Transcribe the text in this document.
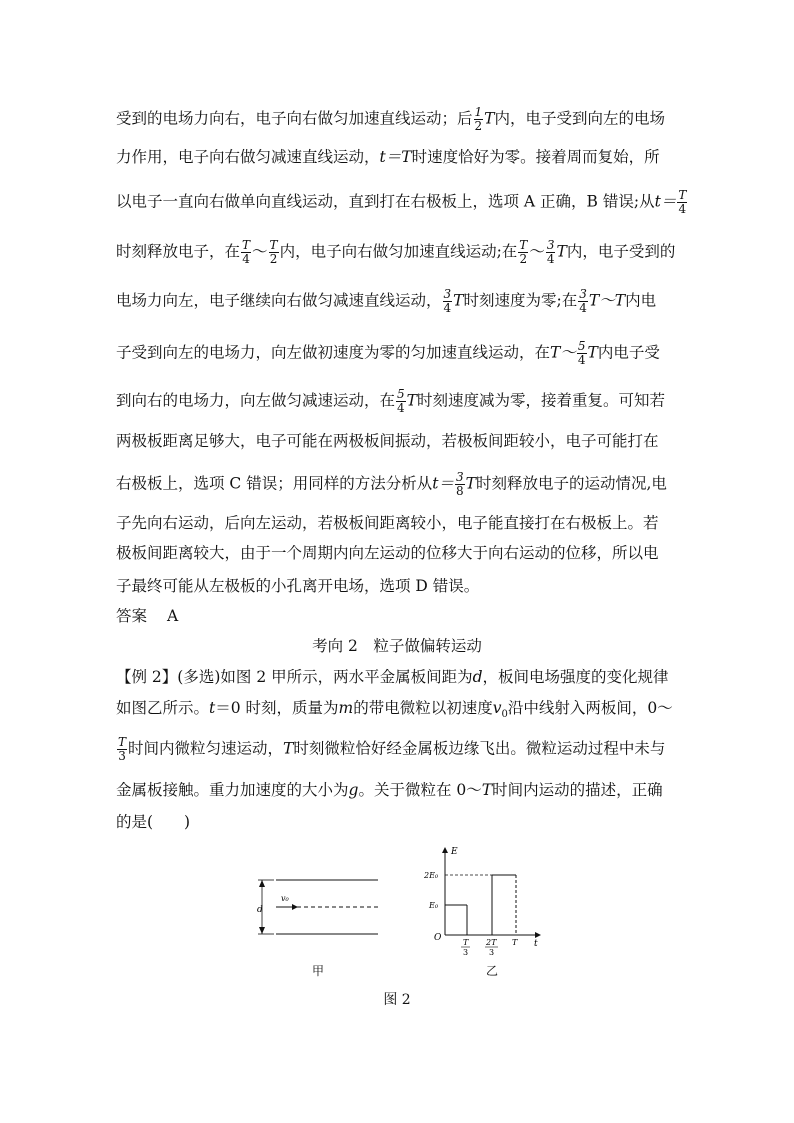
受到的电场力向右，电子向右做匀加速直线运动；后 $\frac{1}{2}$ T内，电子受到向左的电场
力作用，电子向右做匀减速直线运动，t＝T时速度恰好为零。接着周而复始，所
以电子一直向右做单向直线运动，直到打在右极板上，选项 A 正确，B 错误;从$t= \frac{T}{4}$
时刻释放电子，在 $\frac{T}{4}$ ～ $\frac{T}{2}$ 内，电子向右做匀加速直线运动;在 $\frac{T}{2}$ ～ $\frac{3}{4}$ T内，电子受到的
电场力向左，电子继续向右做匀减速直线运动， $\frac{3}{4}$ T时刻速度为零;在 $\frac{3}{4}$ T～T内电
子受到向左的电场力，向左做初速度为零的匀加速直线运动，在T～ $\frac{5}{4}$ T内电子受
到向右的电场力，向左做匀减速运动，在 $\frac{5}{4}$ T时刻速度减为零，接着重复。可知若
两极板距离足够大，电子可能在两极板间振动，若极板间距较小，电子可能打在
右极板上，选项 C 错误；用同样的方法分析从$t= \frac{3}{8}$ T时刻释放电子的运动情况,电
子先向右运动，后向左运动，若极板间距离较小，电子能直接打在右极板上。若
极板间距离较大，由于一个周期内向左运动的位移大于向右运动的位移，所以电
子最终可能从左极板的小孔离开电场，选项 D 错误。
答案 A
考向 2　粒子做偏转运动
【例 2】(多选)如图 2 甲所示，两水平金属板间距为d，板间电场强度的变化规律
如图乙所示。t＝0 时刻，质量为m的带电微粒以初速度$v_0$沿中线射入两板间，0～
$\frac{T}{3}$ 时间内微粒匀速运动，T时刻微粒恰好经金属板边缘飞出。微粒运动过程中未与
金属板接触。重力加速度的大小为g。关于微粒在 0～T时间内运动的描述，正确
的是(　　)
d
v₀
甲
E
t
O
E₀
2E₀
T
3
2T
3
T
乙
图 2
